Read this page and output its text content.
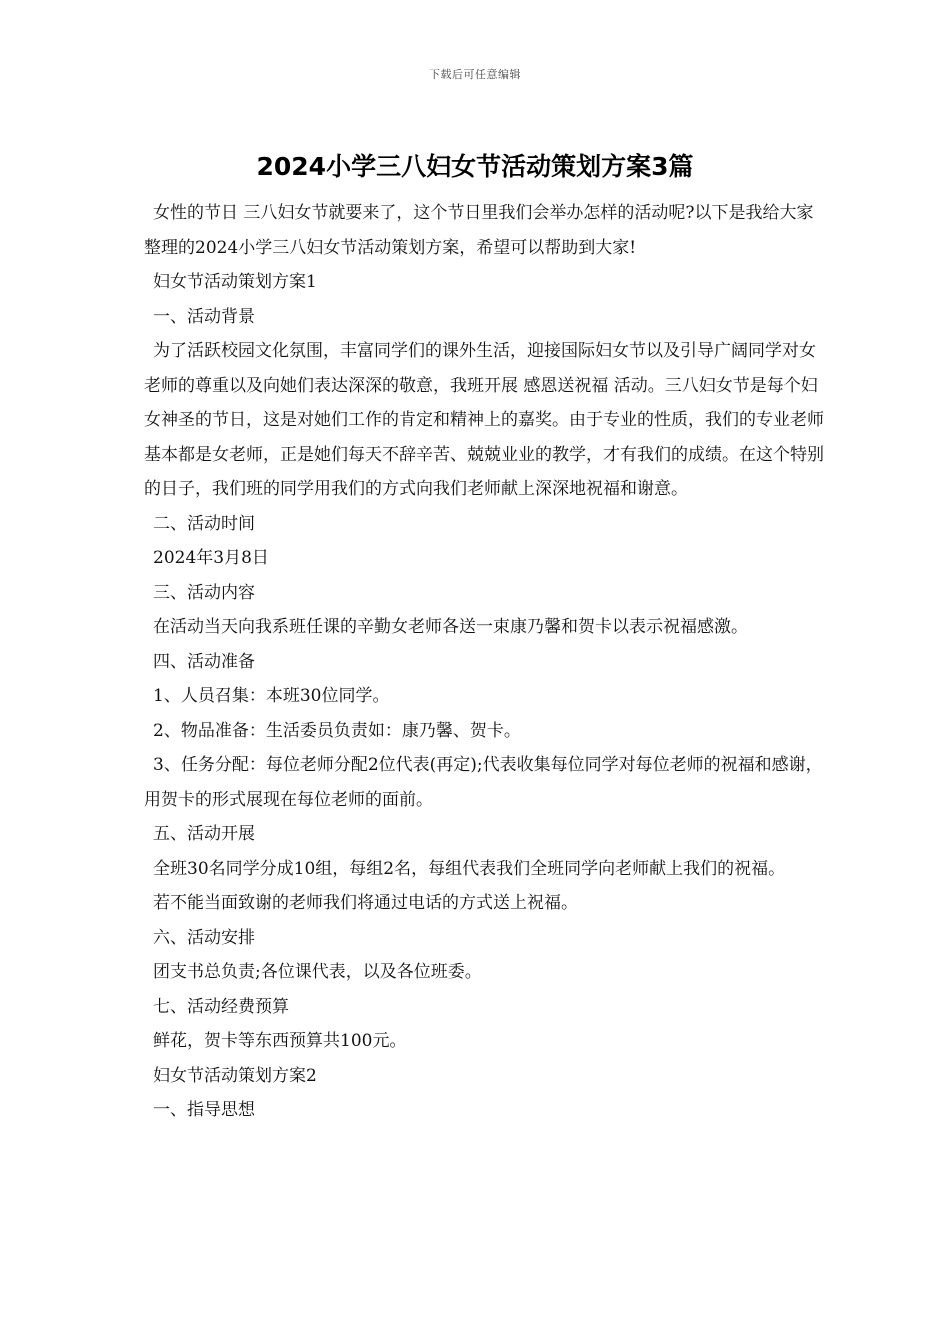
下载后可任意编辑
2024小学三八妇女节活动策划方案3篇

女性的节日 三八妇女节就要来了，这个节日里我们会举办怎样的活动呢?以下是我给大家整理的2024小学三八妇女节活动策划方案，希望可以帮助到大家!

妇女节活动策划方案1

一、活动背景

为了活跃校园文化氛围，丰富同学们的课外生活，迎接国际妇女节以及引导广阔同学对女老师的尊重以及向她们表达深深的敬意，我班开展 感恩送祝福 活动。三八妇女节是每个妇女神圣的节日，这是对她们工作的肯定和精神上的嘉奖。由于专业的性质，我们的专业老师基本都是女老师，正是她们每天不辞辛苦、兢兢业业的教学，才有我们的成绩。在这个特别的日子，我们班的同学用我们的方式向我们老师献上深深地祝福和谢意。

二、活动时间

2024年3月8日

三、活动内容

在活动当天向我系班任课的辛勤女老师各送一束康乃馨和贺卡以表示祝福感激。

四、活动准备

1、人员召集：本班30位同学。

2、物品准备：生活委员负责如：康乃馨、贺卡。

3、任务分配：每位老师分配2位代表(再定);代表收集每位同学对每位老师的祝福和感谢，用贺卡的形式展现在每位老师的面前。

五、活动开展

全班30名同学分成10组，每组2名，每组代表我们全班同学向老师献上我们的祝福。

若不能当面致谢的老师我们将通过电话的方式送上祝福。

六、活动安排

团支书总负责;各位课代表，以及各位班委。

七、活动经费预算

鲜花，贺卡等东西预算共100元。

妇女节活动策划方案2

一、指导思想
